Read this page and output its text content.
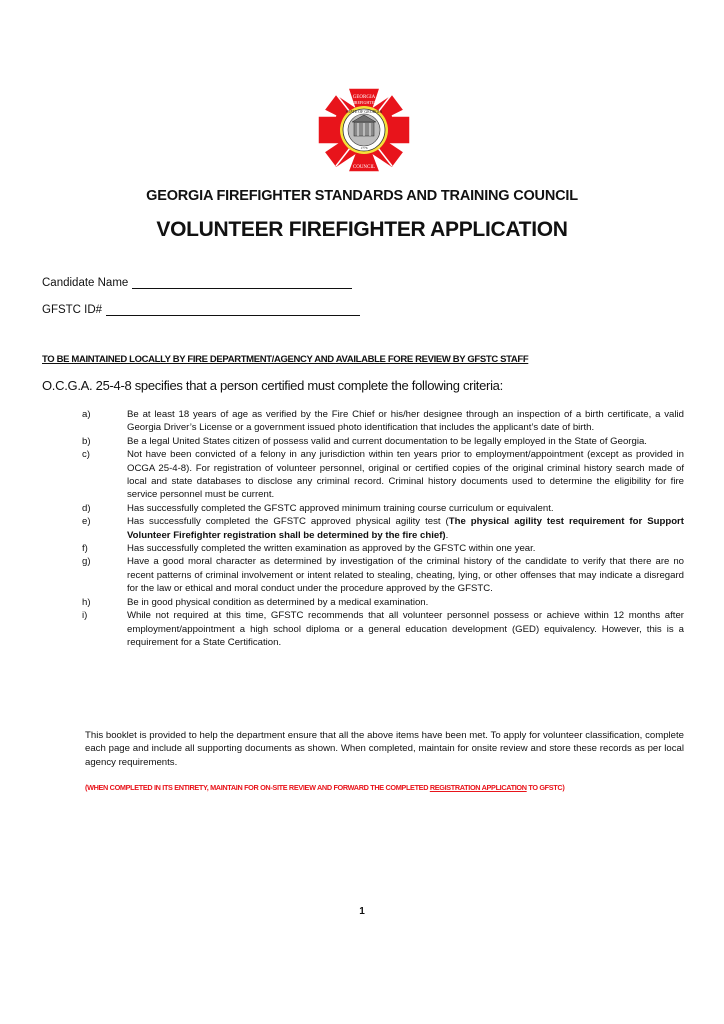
GEORGIA
FIREFIGHTER
COUNCIL
STATE OF GEORGIA
1776
GEORGIA FIREFIGHTER STANDARDS AND TRAINING COUNCIL
VOLUNTEER FIREFIGHTER APPLICATION
Candidate Name
GFSTC ID#
TO BE MAINTAINED LOCALLY BY FIRE DEPARTMENT/AGENCY AND AVAILABLE FORE REVIEW BY GFSTC STAFF
O.C.G.A. 25-4-8 specifies that a person certified must complete the following criteria:
a)	Be at least 18 years of age as verified by the Fire Chief or his/her designee through an inspection of a birth certificate, a valid Georgia Driver’s License or a government issued photo identification that includes the applicant’s date of birth.
b)	Be a legal United States citizen of possess valid and current documentation to be legally employed in the State of Georgia.
c)	Not have been convicted of a felony in any jurisdiction within ten years prior to employment/appointment (except as provided in OCGA 25-4-8). For registration of volunteer personnel, original or certified copies of the original criminal history search made of local and state databases to disclose any criminal record. Criminal history documents used to determine the eligibility for fire service personnel must be current.
d)	Has successfully completed the GFSTC approved minimum training course curriculum or equivalent.
e)	Has successfully completed the GFSTC approved physical agility test (The physical agility test requirement for Support Volunteer Firefighter registration shall be determined by the fire chief).
f)	Has successfully completed the written examination as approved by the GFSTC within one year.
g)	Have a good moral character as determined by investigation of the criminal history of the candidate to verify that there are no recent patterns of criminal involvement or intent related to stealing, cheating, lying, or other offenses that may indicate a disregard for the law or ethical and moral conduct under the procedure approved by the GFSTC.
h)	Be in good physical condition as determined by a medical examination.
i)	While not required at this time, GFSTC recommends that all volunteer personnel possess or achieve within 12 months after employment/appointment a high school diploma or a general education development (GED) equivalency. However, this is a requirement for a State Certification.
This booklet is provided to help the department ensure that all the above items have been met. To apply for volunteer classification, complete each page and include all supporting documents as shown. When completed, maintain for onsite review and store these records as per local agency requirements.
(WHEN COMPLETED IN ITS ENTIRETY, MAINTAIN FOR ON-SITE REVIEW AND FORWARD THE COMPLETED REGISTRATION APPLICATION TO GFSTC)
1
